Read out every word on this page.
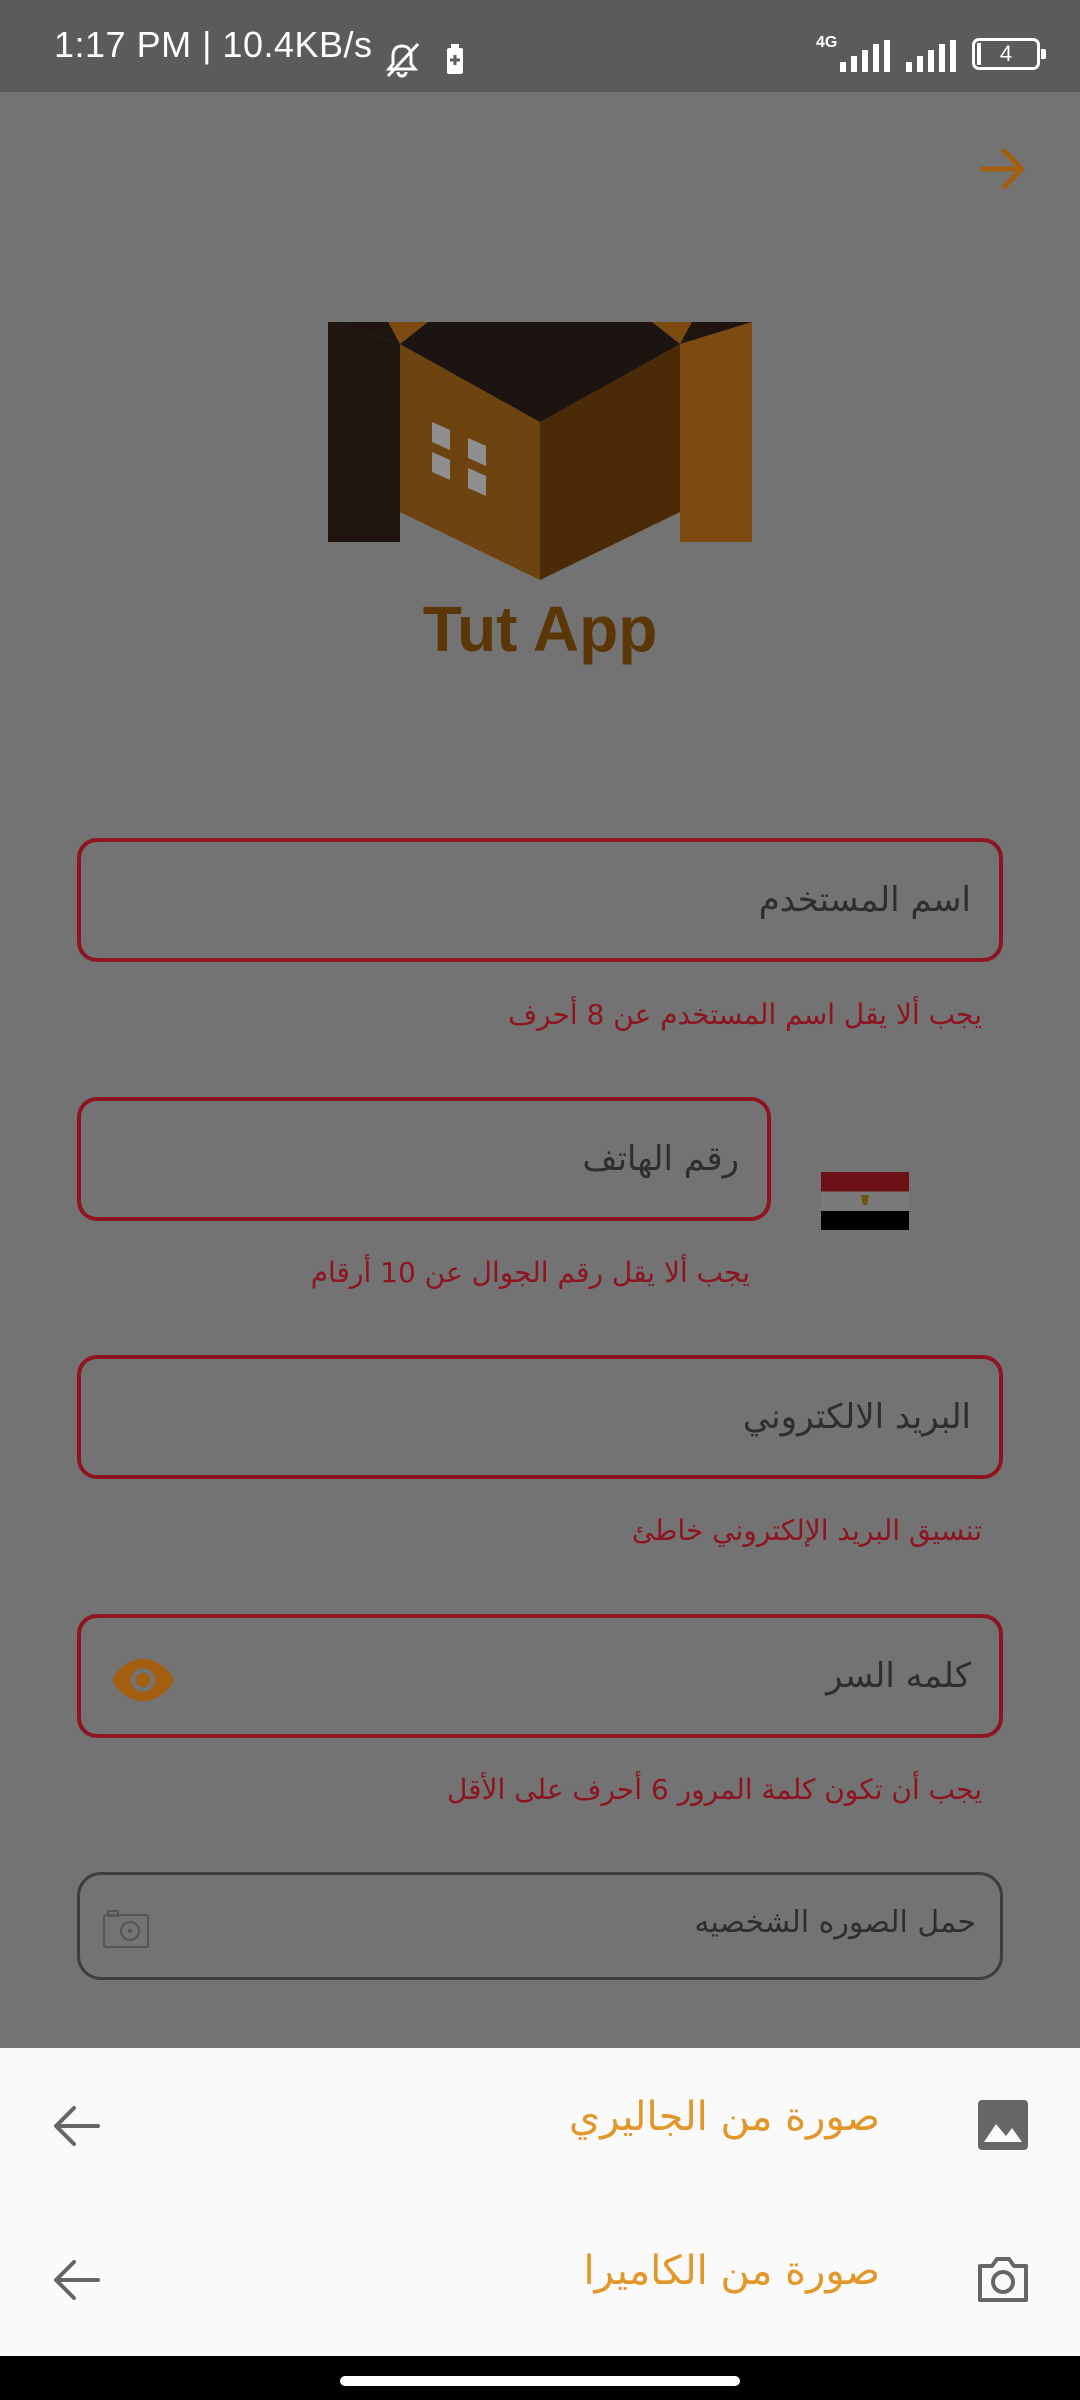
1:17 PM | 10.4KB/s	4G	4
Tut App
اسم المستخدم
يجب ألا يقل اسم المستخدم عن 8 أحرف
رقم الهاتف
يجب ألا يقل رقم الجوال عن 10 أرقام
البريد الالكتروني
تنسيق البريد الإلكتروني خاطئ
يجب أن تكون كلمة المرور 6 أحرف على الأقل
حمل الصوره الشخصيه
صورة من الجاليري
صورة من الكاميرا
